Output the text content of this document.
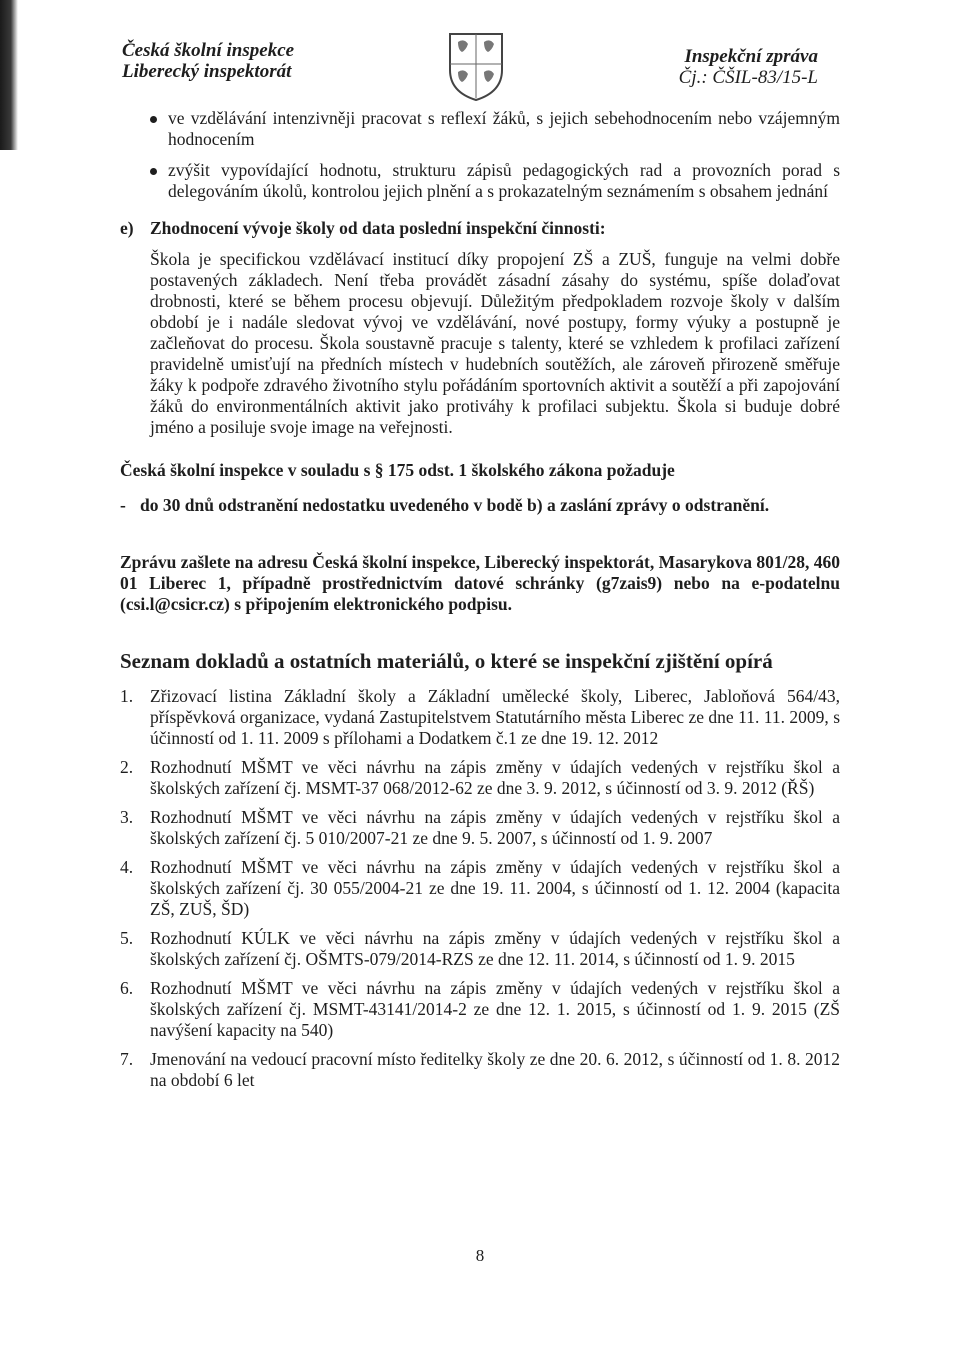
Česká školní inspekce
Liberecký inspektorát
Inspekční zpráva
Čj.: ČŠIL-83/15-L
ve vzdělávání intenzivněji pracovat s reflexí žáků, s jejich sebehodnocením nebo vzájemným hodnocením
zvýšit vypovídající hodnotu, strukturu zápisů pedagogických rad a provozních porad s delegováním úkolů, kontrolou jejich plnění a s prokazatelným seznámením s obsahem jednání
e) Zhodnocení vývoje školy od data poslední inspekční činnosti:
Škola je specifickou vzdělávací institucí díky propojení ZŠ a ZUŠ, funguje na velmi dobře postavených základech. Není třeba provádět zásadní zásahy do systému, spíše dolaďovat drobnosti, které se během procesu objevují. Důležitým předpokladem rozvoje školy v dalším období je i nadále sledovat vývoj ve vzdělávání, nové postupy, formy výuky a postupně je začleňovat do procesu. Škola soustavně pracuje s talenty, které se vzhledem k profilaci zařízení pravidelně umisťují na předních místech v hudebních soutěžích, ale zároveň přirozeně směřuje žáky k podpoře zdravého životního stylu pořádáním sportovních aktivit a soutěží a při zapojování žáků do environmentálních aktivit jako protiváhy k profilaci subjektu. Škola si buduje dobré jméno a posiluje svoje image na veřejnosti.
Česká školní inspekce v souladu s § 175 odst. 1 školského zákona požaduje
- do 30 dnů odstranění nedostatku uvedeného v bodě b) a zaslání zprávy o odstranění.
Zprávu zašlete na adresu Česká školní inspekce, Liberecký inspektorát, Masarykova 801/28, 460 01 Liberec 1, případně prostřednictvím datové schránky (g7zais9) nebo na e-podatelnu (csi.l@csicr.cz) s připojením elektronického podpisu.
Seznam dokladů a ostatních materiálů, o které se inspekční zjištění opírá
1. Zřizovací listina Základní školy a Základní umělecké školy, Liberec, Jabloňová 564/43, příspěvková organizace, vydaná Zastupitelstvem Statutárního města Liberec ze dne 11. 11. 2009, s účinností od 1. 11. 2009 s přílohami a Dodatkem č.1 ze dne 19. 12. 2012
2. Rozhodnutí MŠMT ve věci návrhu na zápis změny v údajích vedených v rejstříku škol a školských zařízení čj. MSMT-37 068/2012-62 ze dne 3. 9. 2012, s účinností od 3. 9. 2012 (ŘŠ)
3. Rozhodnutí MŠMT ve věci návrhu na zápis změny v údajích vedených v rejstříku škol a školských zařízení čj. 5 010/2007-21 ze dne 9. 5. 2007, s účinností od 1. 9. 2007
4. Rozhodnutí MŠMT ve věci návrhu na zápis změny v údajích vedených v rejstříku škol a školských zařízení čj. 30 055/2004-21 ze dne 19. 11. 2004, s účinností od 1. 12. 2004 (kapacita ZŠ, ZUŠ, ŠD)
5. Rozhodnutí KÚLK ve věci návrhu na zápis změny v údajích vedených v rejstříku škol a školských zařízení čj. OŠMTS-079/2014-RZS ze dne 12. 11. 2014, s účinností od 1. 9. 2015
6. Rozhodnutí MŠMT ve věci návrhu na zápis změny v údajích vedených v rejstříku škol a školských zařízení čj. MSMT-43141/2014-2 ze dne 12. 1. 2015, s účinností od 1. 9. 2015 (ZŠ navýšení kapacity na 540)
7. Jmenování na vedoucí pracovní místo ředitelky školy ze dne 20. 6. 2012, s účinností od 1. 8. 2012 na období 6 let
8
